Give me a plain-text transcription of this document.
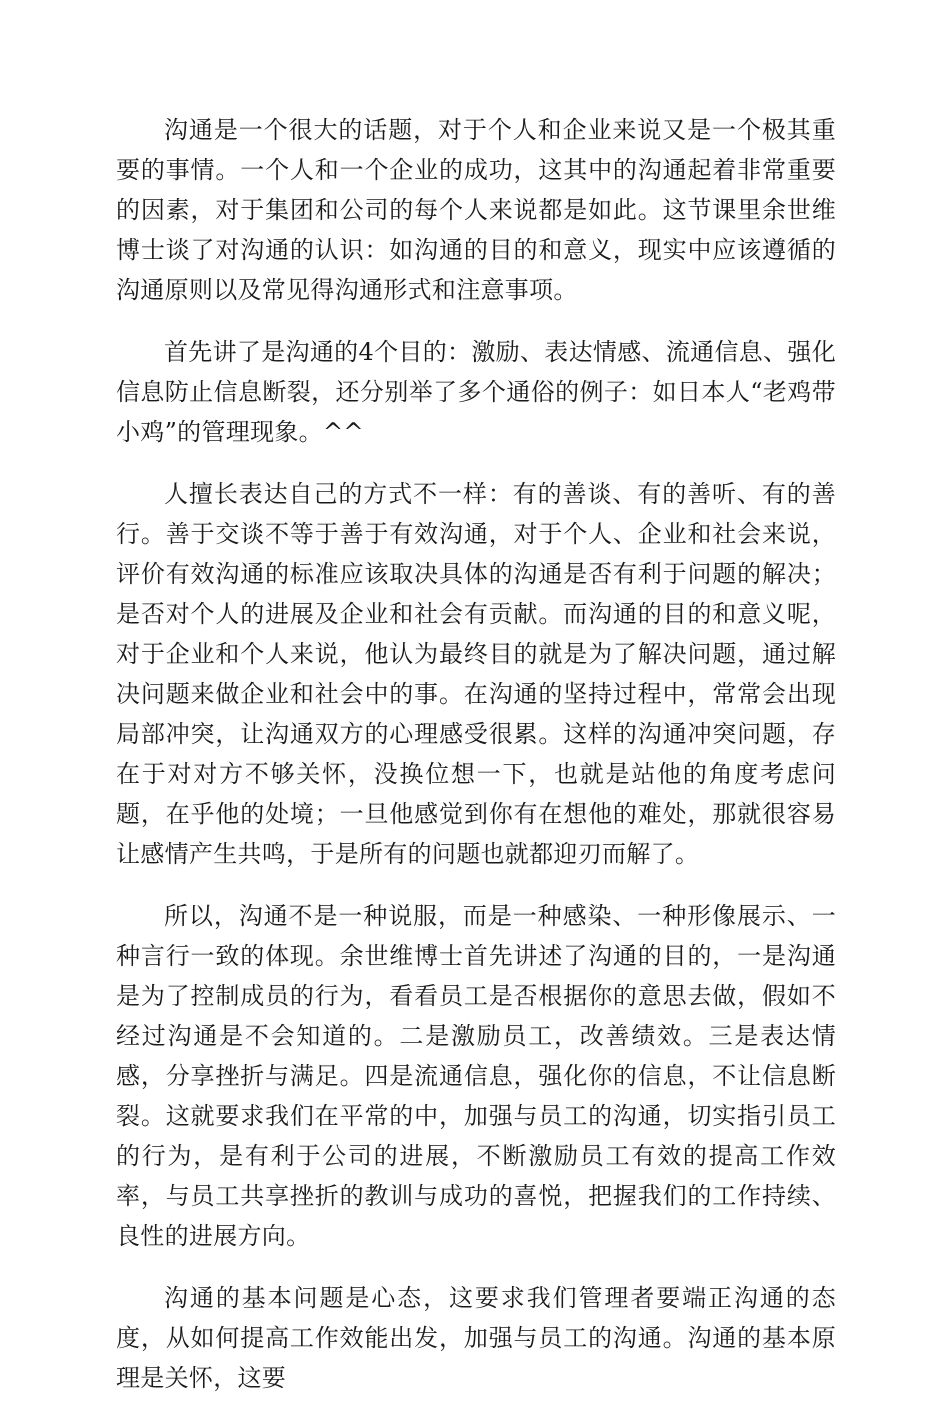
沟通是一个很大的话题，对于个人和企业来说又是一个极其重要的事情。一个人和一个企业的成功，这其中的沟通起着非常重要的因素，对于集团和公司的每个人来说都是如此。这节课里余世维博士谈了对沟通的认识：如沟通的目的和意义，现实中应该遵循的沟通原则以及常见得沟通形式和注意事项。

首先讲了是沟通的4个目的：激励、表达情感、流通信息、强化信息防止信息断裂，还分别举了多个通俗的例子：如日本人“老鸡带小鸡”的管理现象。^^

人擅长表达自己的方式不一样：有的善谈、有的善听、有的善行。善于交谈不等于善于有效沟通，对于个人、企业和社会来说，评价有效沟通的标准应该取决具体的沟通是否有利于问题的解决；是否对个人的进展及企业和社会有贡献。而沟通的目的和意义呢，对于企业和个人来说，他认为最终目的就是为了解决问题，通过解决问题来做企业和社会中的事。在沟通的坚持过程中，常常会出现局部冲突，让沟通双方的心理感受很累。这样的沟通冲突问题，存在于对对方不够关怀，没换位想一下，也就是站他的角度考虑问题，在乎他的处境；一旦他感觉到你有在想他的难处，那就很容易让感情产生共鸣，于是所有的问题也就都迎刃而解了。

所以，沟通不是一种说服，而是一种感染、一种形像展示、一种言行一致的体现。余世维博士首先讲述了沟通的目的，一是沟通是为了控制成员的行为，看看员工是否根据你的意思去做，假如不经过沟通是不会知道的。二是激励员工，改善绩效。三是表达情感，分享挫折与满足。四是流通信息，强化你的信息，不让信息断裂。这就要求我们在平常的中，加强与员工的沟通，切实指引员工的行为，是有利于公司的进展，不断激励员工有效的提高工作效率，与员工共享挫折的教训与成功的喜悦，把握我们的工作持续、良性的进展方向。

沟通的基本问题是心态，这要求我们管理者要端正沟通的态度，从如何提高工作效能出发，加强与员工的沟通。沟通的基本原理是关怀，这要
